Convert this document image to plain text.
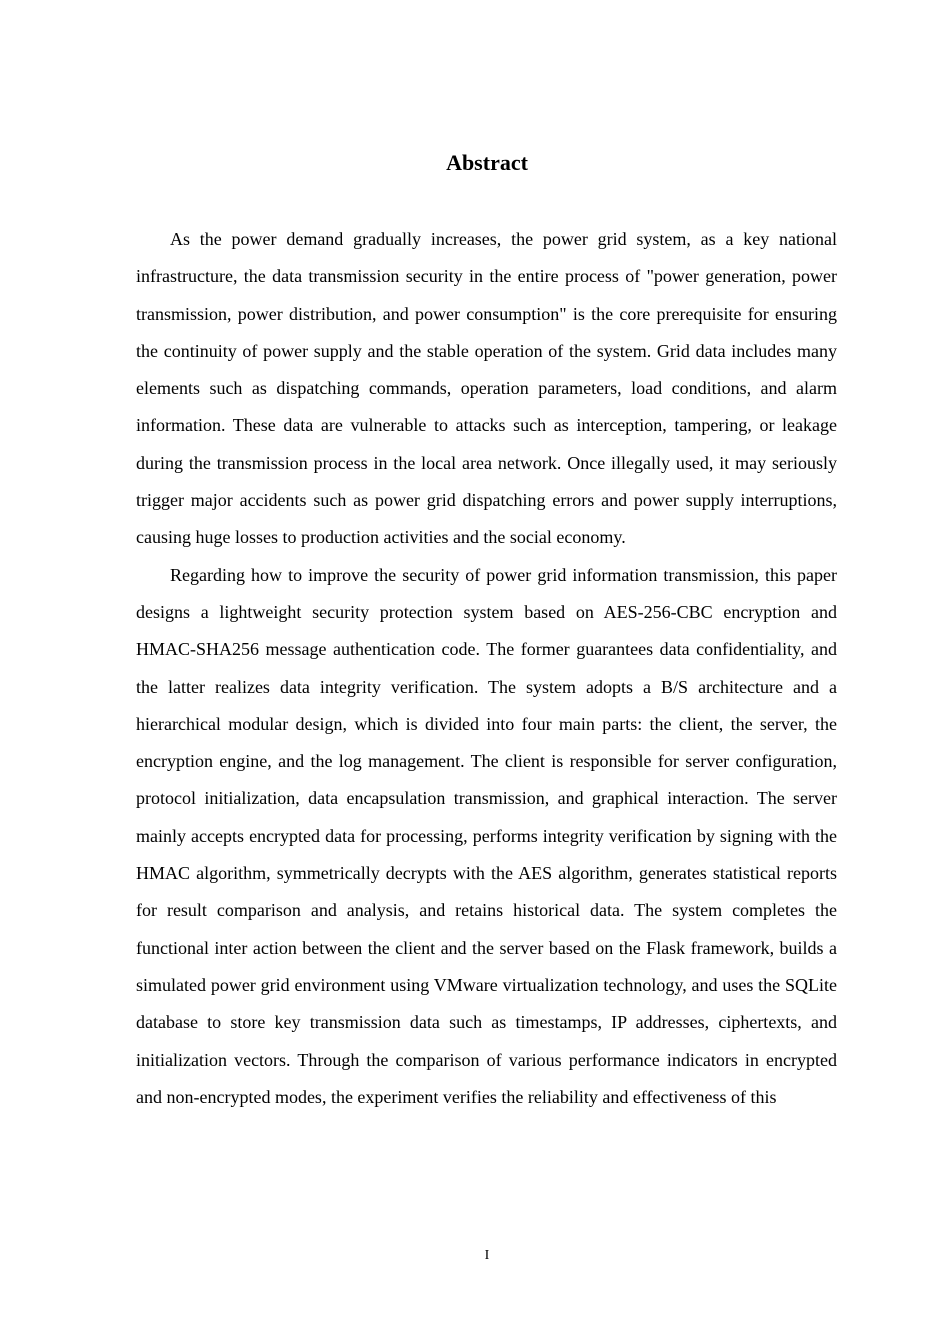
Abstract

As the power demand gradually increases, the power grid system, as a key national infrastructure, the data transmission security in the entire process of "power generation, power transmission, power distribution, and power consumption" is the core prerequisite for ensuring the continuity of power supply and the stable operation of the system. Grid data includes many elements such as dispatching commands, operation parameters, load conditions, and alarm information. These data are vulnerable to attacks such as interception, tampering, or leakage during the transmission process in the local area network. Once illegally used, it may seriously trigger major accidents such as power grid dispatching errors and power supply interruptions, causing huge losses to production activities and the social economy.

Regarding how to improve the security of power grid information transmission, this paper designs a lightweight security protection system based on AES-256-CBC encryption and HMAC-SHA256 message authentication code. The former guarantees data confidentiality, and the latter realizes data integrity verification. The system adopts a B/S architecture and a hierarchical modular design, which is divided into four main parts: the client, the server, the encryption engine, and the log management. The client is responsible for server configuration, protocol initialization, data encapsulation transmission, and graphical interaction. The server mainly accepts encrypted data for processing, performs integrity verification by signing with the HMAC algorithm, symmetrically decrypts with the AES algorithm, generates statistical reports for result comparison and analysis, and retains historical data. The system completes the functional inter action between the client and the server based on the Flask framework, builds a simulated power grid environment using VMware virtualization technology, and uses the SQLite database to store key transmission data such as timestamps, IP addresses, ciphertexts, and initialization vectors. Through the comparison of various performance indicators in encrypted and non-encrypted modes, the experiment verifies the reliability and effectiveness of this

I
